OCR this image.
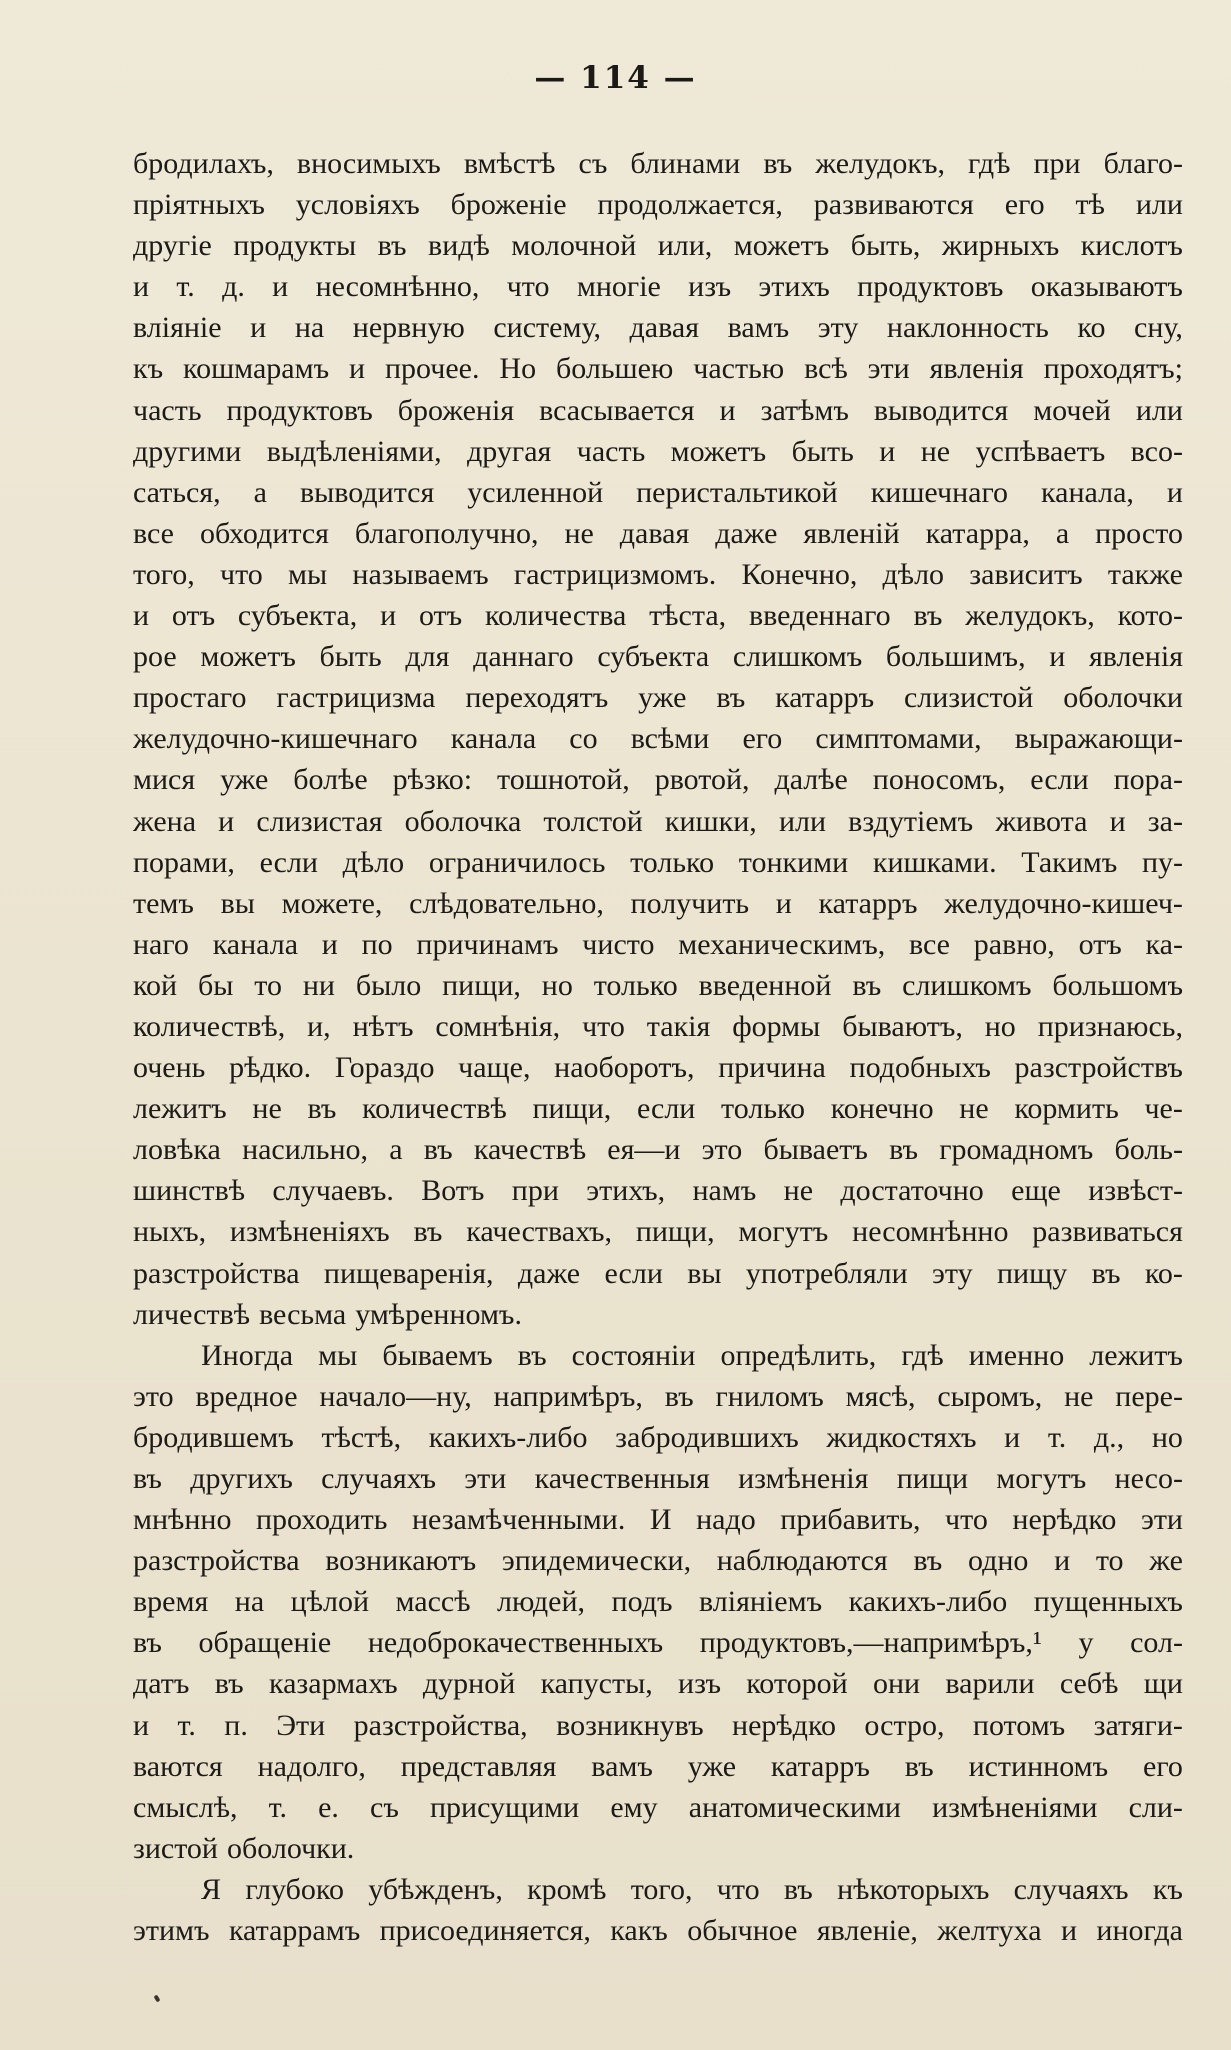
— 114 —
бродилахъ, вносимыхъ вмѣстѣ съ блинами въ желудокъ, гдѣ при благо-
пріятныхъ условіяхъ броженіе продолжается, развиваются его тѣ или
другіе продукты въ видѣ молочной или, можетъ быть, жирныхъ кислотъ
и т. д. и несомнѣнно, что многіе изъ этихъ продуктовъ оказываютъ
вліяніе и на нервную систему, давая вамъ эту наклонность ко сну,
къ кошмарамъ и прочее. Но большею частью всѣ эти явленія проходятъ;
часть продуктовъ броженія всасывается и затѣмъ выводится мочей или
другими выдѣленіями, другая часть можетъ быть и не успѣваетъ всо-
саться, а выводится усиленной перистальтикой кишечнаго канала, и
все обходится благополучно, не давая даже явленій катарра, а просто
того, что мы называемъ гастрицизмомъ. Конечно, дѣло зависитъ также
и отъ субъекта, и отъ количества тѣста, введеннаго въ желудокъ, кото-
рое можетъ быть для даннаго субъекта слишкомъ большимъ, и явленія
простаго гастрицизма переходятъ уже въ катарръ слизистой оболочки
желудочно-кишечнаго канала со всѣми его симптомами, выражающи-
мися уже болѣе рѣзко: тошнотой, рвотой, далѣе поносомъ, если пора-
жена и слизистая оболочка толстой кишки, или вздутіемъ живота и за-
порами, если дѣло ограничилось только тонкими кишками. Такимъ пу-
темъ вы можете, слѣдовательно, получить и катарръ желудочно-кишеч-
наго канала и по причинамъ чисто механическимъ, все равно, отъ ка-
кой бы то ни было пищи, но только введенной въ слишкомъ большомъ
количествѣ, и, нѣтъ сомнѣнія, что такія формы бываютъ, но признаюсь,
очень рѣдко. Гораздо чаще, наоборотъ, причина подобныхъ разстройствъ
лежитъ не въ количествѣ пищи, если только конечно не кормить че-
ловѣка насильно, а въ качествѣ ея—и это бываетъ въ громадномъ боль-
шинствѣ случаевъ. Вотъ при этихъ, намъ не достаточно еще извѣст-
ныхъ, измѣненіяхъ въ качествахъ, пищи, могутъ несомнѣнно развиваться
разстройства пищеваренія, даже если вы употребляли эту пищу въ ко-
личествѣ весьма умѣренномъ.
Иногда мы бываемъ въ состояніи опредѣлить, гдѣ именно лежитъ
это вредное начало—ну, напримѣръ, въ гниломъ мясѣ, сыромъ, не пере-
бродившемъ тѣстѣ, какихъ-либо забродившихъ жидкостяхъ и т. д., но
въ другихъ случаяхъ эти качественныя измѣненія пищи могутъ несо-
мнѣнно проходить незамѣченными. И надо прибавить, что нерѣдко эти
разстройства возникаютъ эпидемически, наблюдаются въ одно и то же
время на цѣлой массѣ людей, подъ вліяніемъ какихъ-либо пущенныхъ
въ обращеніе недоброкачественныхъ продуктовъ,—напримѣръ,¹ у сол-
датъ въ казармахъ дурной капусты, изъ которой они варили себѣ щи
и т. п. Эти разстройства, возникнувъ нерѣдко остро, потомъ затяги-
ваются надолго, представляя вамъ уже катарръ въ истинномъ его
смыслѣ, т. е. съ присущими ему анатомическими измѣненіями сли-
зистой оболочки.
Я глубоко убѣжденъ, кромѣ того, что въ нѣкоторыхъ случаяхъ къ
этимъ катаррамъ присоединяется, какъ обычное явленіе, желтуха и иногда
